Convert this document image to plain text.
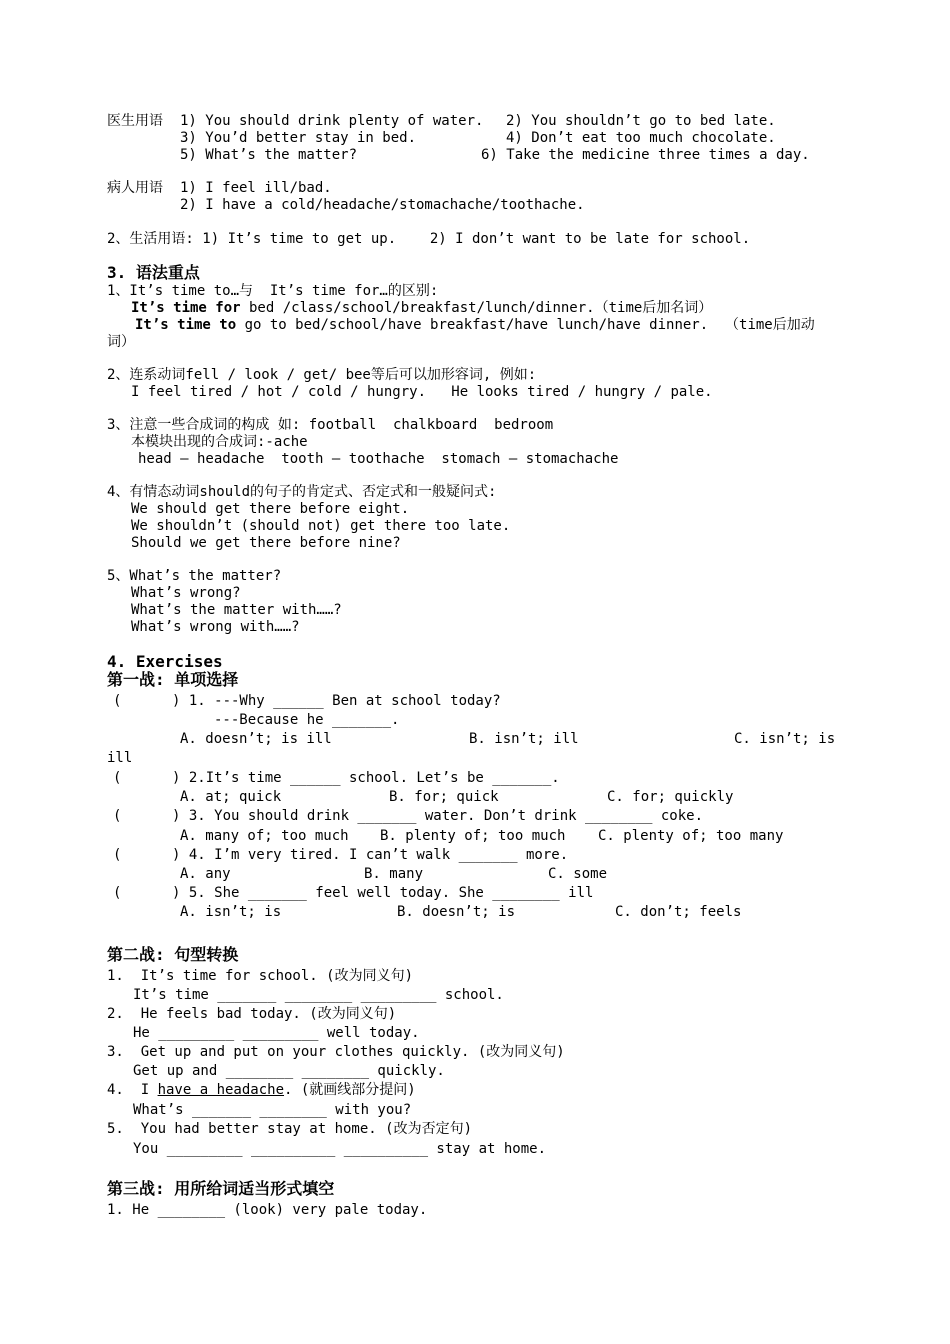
医生用语 1) You should drink plenty of water. 2) You shouldn’t go to bed late.
3) You’d better stay in bed.	4) Don’t eat too much chocolate.
5) What’s the matter?	6) Take the medicine three times a day.
病人用语 1) I feel ill/bad.
2) I have a cold/headache/stomachache/toothache.
2、生活用语: 1) It’s time to get up.    2) I don’t want to be late for school.
3. 语法重点
1、It’s time to…与  It’s time for…的区别:
It’s time for bed /class/school/breakfast/lunch/dinner.（time后加名词）
It’s time to go to bed/school/have breakfast/have lunch/have dinner.  （time后加动
词）
2、连系动词fell / look / get/ bee等后可以加形容词, 例如:
I feel tired / hot / cold / hungry.   He looks tired / hungry / pale.
3、注意一些合成词的构成 如: football  chalkboard  bedroom
本模块出现的合成词:-ache
head – headache  tooth – toothache  stomach – stomachache
4、有情态动词should的句子的肯定式、否定式和一般疑问式:
We should get there before eight.
We shouldn’t (should not) get there too late.
Should we get there before nine?
5、What’s the matter?
What’s wrong?
What’s the matter with……?
What’s wrong with……?
4. Exercises
第一战: 单项选择
(      ) 1. ---Why ______ Ben at school today?
---Because he _______.
A. doesn’t; is ill	B. isn’t; ill	C. isn’t; is
ill
(      ) 2.It’s time ______ school. Let’s be _______.
A. at; quick	B. for; quick	C. for; quickly
(      ) 3. You should drink _______ water. Don’t drink ________ coke.
A. many of; too much B. plenty of; too much C. plenty of; too many
(      ) 4. I’m very tired. I can’t walk _______ more.
A. any	B. many	C. some
(      ) 5. She _______ feel well today. She ________ ill
A. isn’t; is	B. doesn’t; is	C. don’t; feels
第二战: 句型转换
1.  It’s time for school. (改为同义句)
It’s time _______ ________ _________ school.
2.  He feels bad today. (改为同义句)
He _________ _________ well today.
3.  Get up and put on your clothes quickly. (改为同义句)
Get up and ________ ________ quickly.
4.  I have a headache. (就画线部分提问)
What’s _______ ________ with you?
5.  You had better stay at home. (改为否定句)
You _________ __________ __________ stay at home.
第三战: 用所给词适当形式填空
1. He ________ (look) very pale today.
